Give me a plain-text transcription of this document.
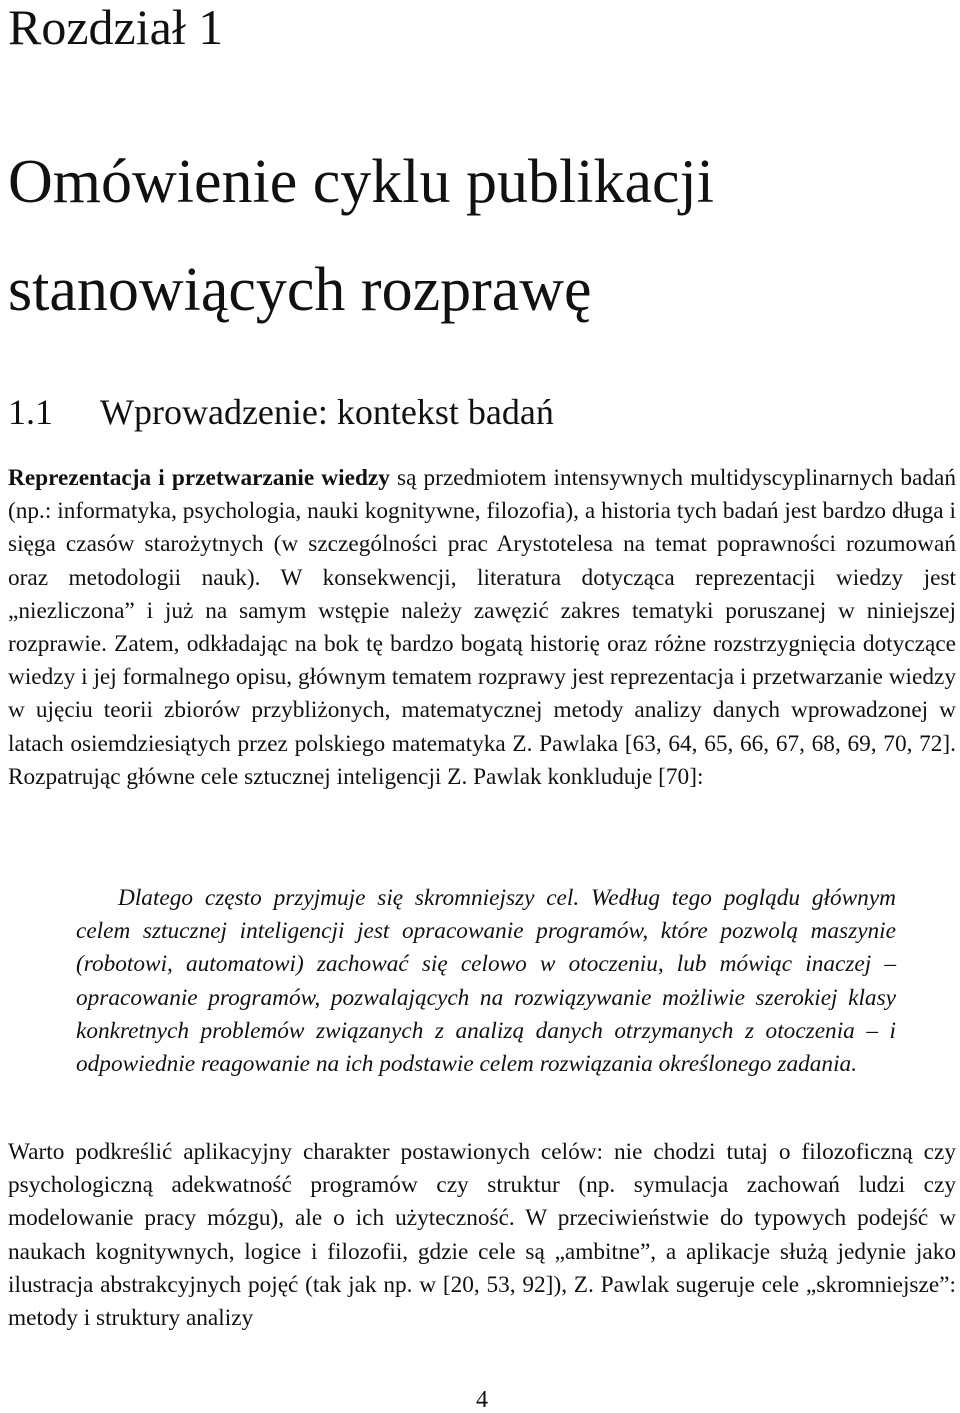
Rozdział 1
Omówienie cyklu publikacji stanowiących rozprawę
1.1 Wprowadzenie: kontekst badań

Reprezentacja i przetwarzanie wiedzy są przedmiotem intensywnych multidyscyplinarnych badań (np.: informatyka, psychologia, nauki kognitywne, filozofia), a historia tych badań jest bardzo długa i sięga czasów starożytnych (w szczególności prac Arystotelesa na temat poprawności rozumowań oraz metodologii nauk). W konsekwencji, literatura dotycząca reprezentacji wiedzy jest „niezliczona” i już na samym wstępie należy zawęzić zakres tematyki poruszanej w niniejszej rozprawie. Zatem, odkładając na bok tę bardzo bogatą historię oraz różne rozstrzygnięcia dotyczące wiedzy i jej formalnego opisu, głównym tematem rozprawy jest reprezentacja i przetwarzanie wiedzy w ujęciu teorii zbiorów przybliżonych, matematycznej metody analizy danych wprowadzonej w latach osiemdziesiątych przez polskiego matematyka Z. Pawlaka [63, 64, 65, 66, 67, 68, 69, 70, 72]. Rozpatrując główne cele sztucznej inteligencji Z. Pawlak konkluduje [70]:

Dlatego często przyjmuje się skromniejszy cel. Według tego poglądu głównym celem sztucznej inteligencji jest opracowanie programów, które pozwolą maszynie (robotowi, automatowi) zachować się celowo w otoczeniu, lub mówiąc inaczej – opracowanie programów, pozwalających na rozwiązywanie możliwie szerokiej klasy konkretnych problemów związanych z analizą danych otrzymanych z otoczenia – i odpowiednie reagowanie na ich podstawie celem rozwiązania określonego zadania.

Warto podkreślić aplikacyjny charakter postawionych celów: nie chodzi tutaj o filozoficzną czy psychologiczną adekwatność programów czy struktur (np. symulacja zachowań ludzi czy modelowanie pracy mózgu), ale o ich użyteczność. W przeciwieństwie do typowych podejść w naukach kognitywnych, logice i filozofii, gdzie cele są „ambitne”, a aplikacje służą jedynie jako ilustracja abstrakcyjnych pojęć (tak jak np. w [20, 53, 92]), Z. Pawlak sugeruje cele „skromniejsze”: metody i struktury analizy

4
